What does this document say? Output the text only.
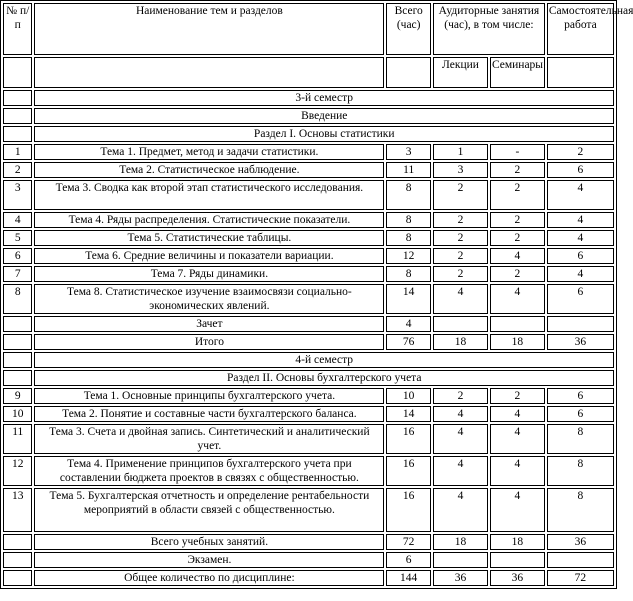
№ п/п	Наименование тем и разделов	Всего (час)	Аудиторные занятия (час), в том числе:		Самостоятельная работа
			Лекции	Семинары	
	3-й семестр				
	Введение				
	Раздел I. Основы статистики				
1	Тема 1. Предмет, метод и задачи статистики.	3	1	-	2
2	Тема 2. Статистическое наблюдение.	11	3	2	6
3	Тема 3. Сводка как второй этап статистического исследования.	8	2	2	4
4	Тема 4. Ряды распределения. Статистические показатели.	8	2	2	4
5	Тема 5. Статистические таблицы.	8	2	2	4
6	Тема 6. Средние величины и показатели вариации.	12	2	4	6
7	Тема 7. Ряды динамики.	8	2	2	4
8	Тема 8. Статистическое изучение взаимосвязи социально-экономических явлений.	14	4	4	6
	Зачет	4			
	Итого	76	18	18	36
	4-й семестр				
	Раздел II. Основы бухгалтерского учета				
9	Тема 1. Основные принципы бухгалтерского учета.	10	2	2	6
10	Тема 2. Понятие и составные части бухгалтерского баланса.	14	4	4	6
11	Тема 3. Счета и двойная запись. Синтетический и аналитический учет.	16	4	4	8
12	Тема 4. Применение принципов бухгалтерского учета при составлении бюджета проектов в связях с общественностью.	16	4	4	8
13	Тема 5. Бухгалтерская отчетность и определение рентабельности мероприятий в области связей с общественностью.	16	4	4	8
	Всего учебных занятий.	72	18	18	36
	Экзамен.	6			
	Общее количество по дисциплине:	144	36	36	72
